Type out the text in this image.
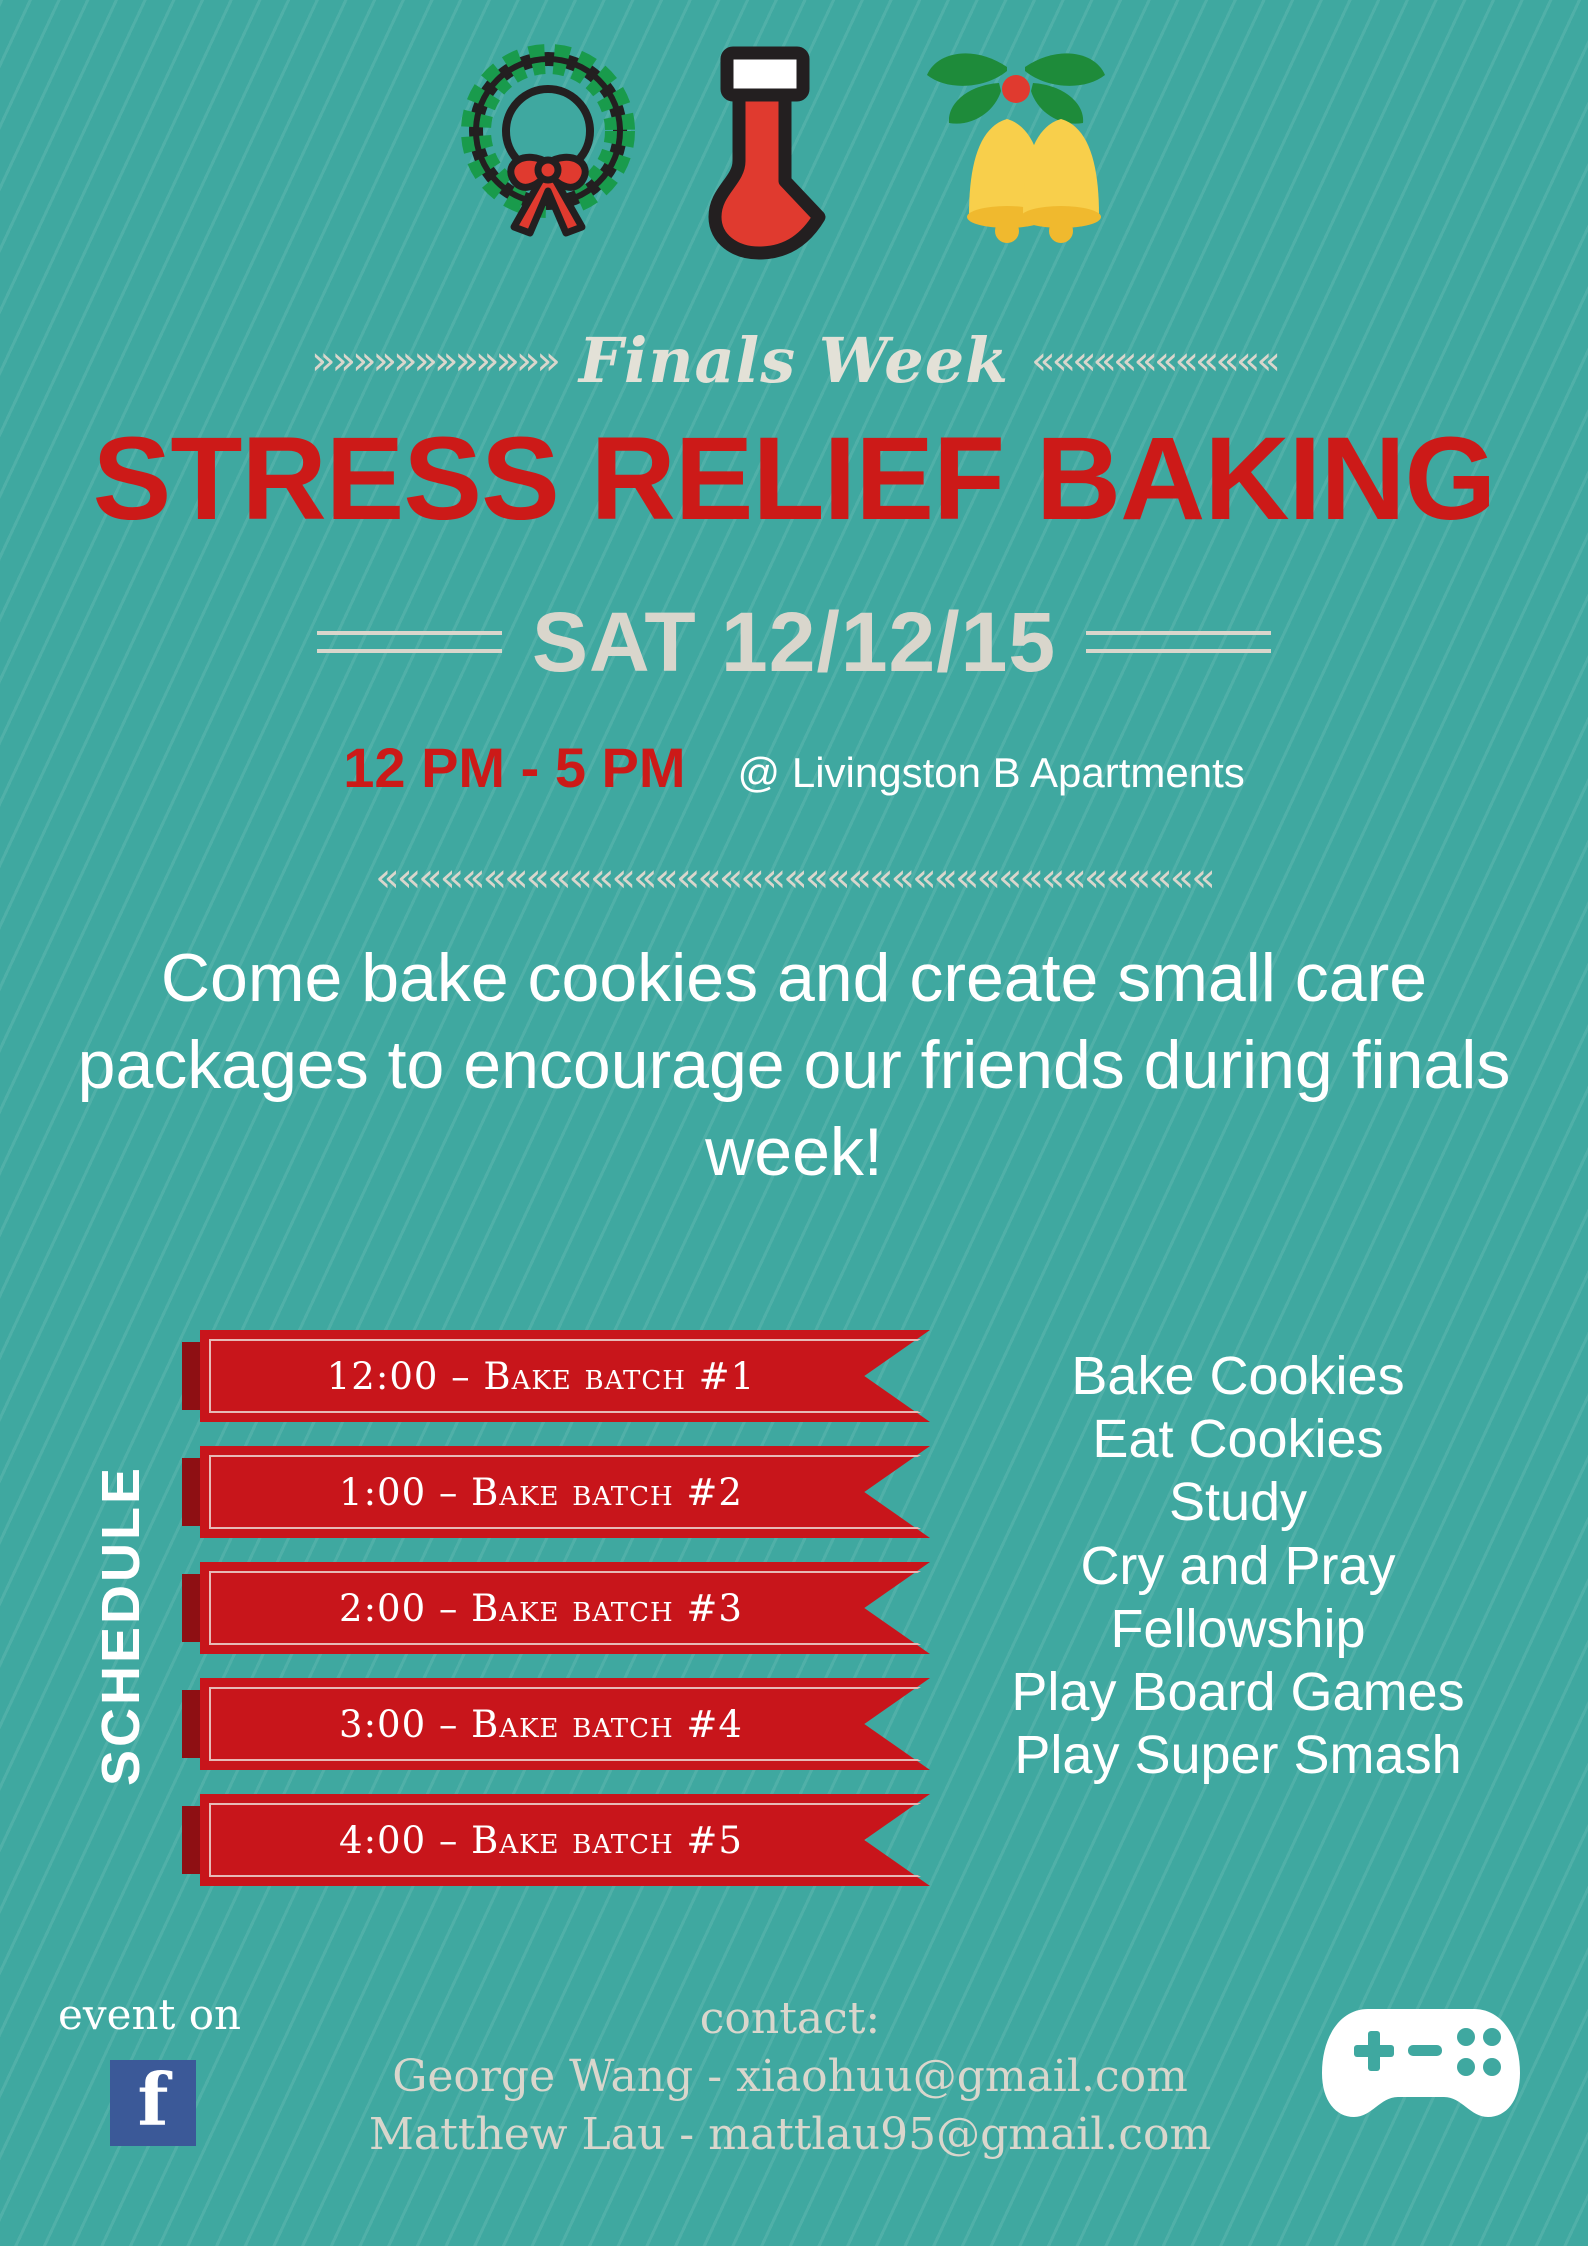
»»»»»»»»»»»» Finals Week ««««««««««««
STRESS RELIEF BAKING
SAT 12/12/15
12 PM - 5 PM @ Livingston B Apartments
«««««««««««««««««««««««««««««««««««««««
Come bake cookies and create small care packages to encourage our friends during finals week!
SCHEDULE
12:00 – Bake batch #1
1:00 – Bake batch #2
2:00 – Bake batch #3
3:00 – Bake batch #4
4:00 – Bake batch #5
Bake Cookies
Eat Cookies
Study
Cry and Pray
Fellowship
Play Board Games
Play Super Smash
event on
f
contact:
George Wang - xiaohuu@gmail.com
Matthew Lau - mattlau95@gmail.com
